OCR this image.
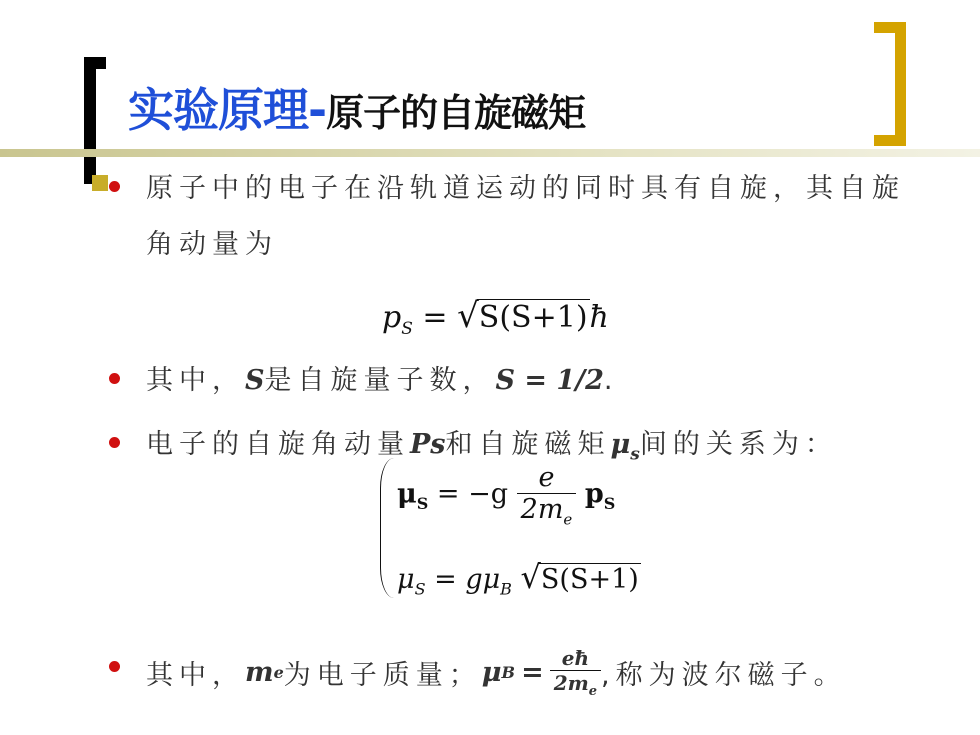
实验原理-原子的自旋磁矩
原子中的电子在沿轨道运动的同时具有自旋，其自旋
角动量为
$p_S$ = √S(S+1)ħ
其中，S是自旋量子数，S = 1/2.
电子的自旋角动量Ps和自旋磁矩$\mu_s$间的关系为：
$\mu_S = -g \frac{e}{2m_e} p_S$
$\mu_S = g\mu_B$ √S(S+1)
其中， m e 为电子质量； μ $B = \frac{eħ}{2m_e}$ ,称为波尔磁子。
